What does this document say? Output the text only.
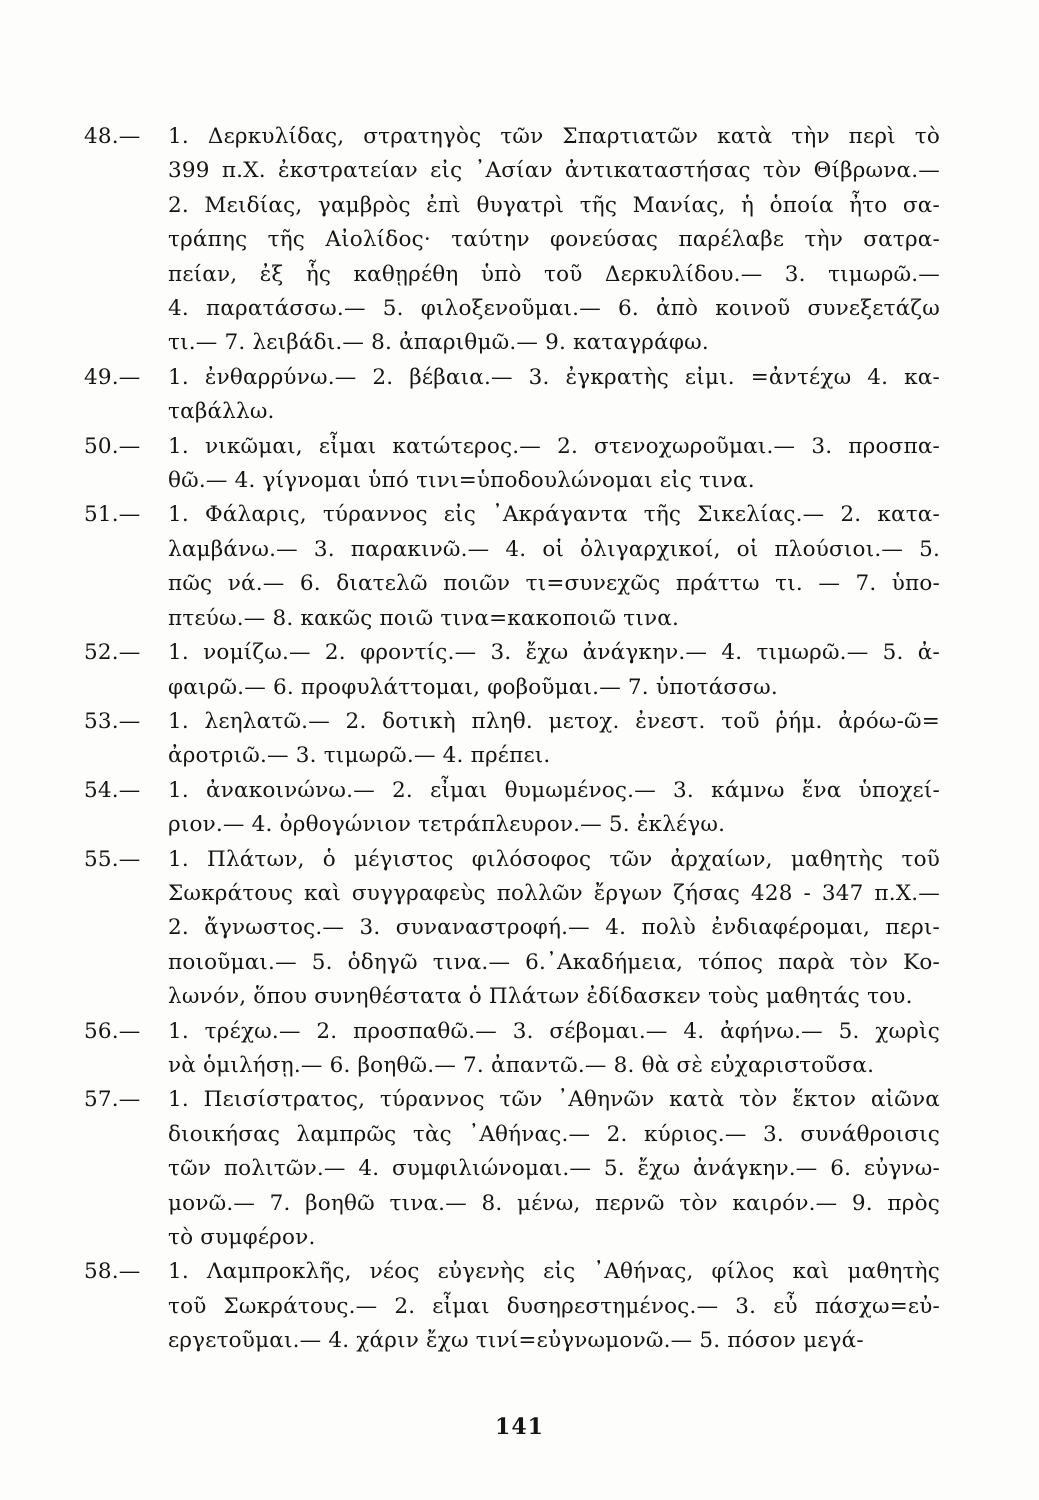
48.— 1. Δερκυλίδας, στρατηγὸς τῶν Σπαρτιατῶν κατὰ τὴν περὶ τὸ
399 π.Χ. ἐκστρατείαν εἰς ᾿Ασίαν ἀντικαταστήσας τὸν Θίβρωνα.—
2. Μειδίας, γαμβρὸς ἐπὶ θυγατρὶ τῆς Μανίας, ἡ ὁποία ἦτο σα-
τράπης τῆς Αἰολίδος· ταύτην φονεύσας παρέλαβε τὴν σατρα-
πείαν, ἐξ ἧς καθῃρέθη ὑπὸ τοῦ Δερκυλίδου.— 3. τιμωρῶ.—
4. παρατάσσω.— 5. φιλοξενοῦμαι.— 6. ἀπὸ κοινοῦ συνεξετάζω
τι.— 7. λειβάδι.— 8. ἀπαριθμῶ.— 9. καταγράφω.
49.— 1. ἐνθαρρύνω.— 2. βέβαια.— 3. ἐγκρατὴς εἰμι. =ἀντέχω 4. κα-
ταβάλλω.
50.— 1. νικῶμαι, εἶμαι κατώτερος.— 2. στενοχωροῦμαι.— 3. προσπα-
θῶ.— 4. γίγνομαι ὑπό τινι=ὑποδουλώνομαι εἰς τινα.
51.— 1. Φάλαρις, τύραννος εἰς ᾿Ακράγαντα τῆς Σικελίας.— 2. κατα-
λαμβάνω.— 3. παρακινῶ.— 4. οἱ ὀλιγαρχικοί, οἱ πλούσιοι.— 5.
πῶς νά.— 6. διατελῶ ποιῶν τι=συνεχῶς πράττω τι. — 7. ὑπο-
πτεύω.— 8. κακῶς ποιῶ τινα=κακοποιῶ τινα.
52.— 1. νομίζω.— 2. φροντίς.— 3. ἔχω ἀνάγκην.— 4. τιμωρῶ.— 5. ἀ-
φαιρῶ.— 6. προφυλάττομαι, φοβοῦμαι.— 7. ὑποτάσσω.
53.— 1. λεηλατῶ.— 2. δοτικὴ πληθ. μετοχ. ἐνεστ. τοῦ ῥήμ. ἀρόω-ῶ=
ἀροτριῶ.— 3. τιμωρῶ.— 4. πρέπει.
54.— 1. ἀνακοινώνω.— 2. εἶμαι θυμωμένος.— 3. κάμνω ἕνα ὑποχεί-
ριον.— 4. ὀρθογώνιον τετράπλευρον.— 5. ἐκλέγω.
55.— 1. Πλάτων, ὁ μέγιστος φιλόσοφος τῶν ἀρχαίων, μαθητὴς τοῦ
Σωκράτους καὶ συγγραφεὺς πολλῶν ἔργων ζήσας 428 - 347 π.Χ.—
2. ἄγνωστος.— 3. συναναστροφή.— 4. πολὺ ἐνδιαφέρομαι, περι-
ποιοῦμαι.— 5. ὁδηγῶ τινα.— 6.᾿Ακαδήμεια, τόπος παρὰ τὸν Κο-
λωνόν, ὅπου συνηθέστατα ὁ Πλάτων ἐδίδασκεν τοὺς μαθητάς του.
56.— 1. τρέχω.— 2. προσπαθῶ.— 3. σέβομαι.— 4. ἀφήνω.— 5. χωρὶς
νὰ ὁμιλήσῃ.— 6. βοηθῶ.— 7. ἀπαντῶ.— 8. θὰ σὲ εὐχαριστοῦσα.
57.— 1. Πεισίστρατος, τύραννος τῶν ᾿Αθηνῶν κατὰ τὸν ἕκτον αἰῶνα
διοικήσας λαμπρῶς τὰς ᾿Αθήνας.— 2. κύριος.— 3. συνάθροισις
τῶν πολιτῶν.— 4. συμφιλιώνομαι.— 5. ἔχω ἀνάγκην.— 6. εὐγνω-
μονῶ.— 7. βοηθῶ τινα.— 8. μένω, περνῶ τὸν καιρόν.— 9. πρὸς
τὸ συμφέρον.
58.— 1. Λαμπροκλῆς, νέος εὐγενὴς εἰς ᾿Αθήνας, φίλος καὶ μαθητὴς
τοῦ Σωκράτους.— 2. εἶμαι δυσηρεστημένος.— 3. εὖ πάσχω=εὐ-
εργετοῦμαι.— 4. χάριν ἔχω τινί=εὐγνωμονῶ.— 5. πόσον μεγά-
141
